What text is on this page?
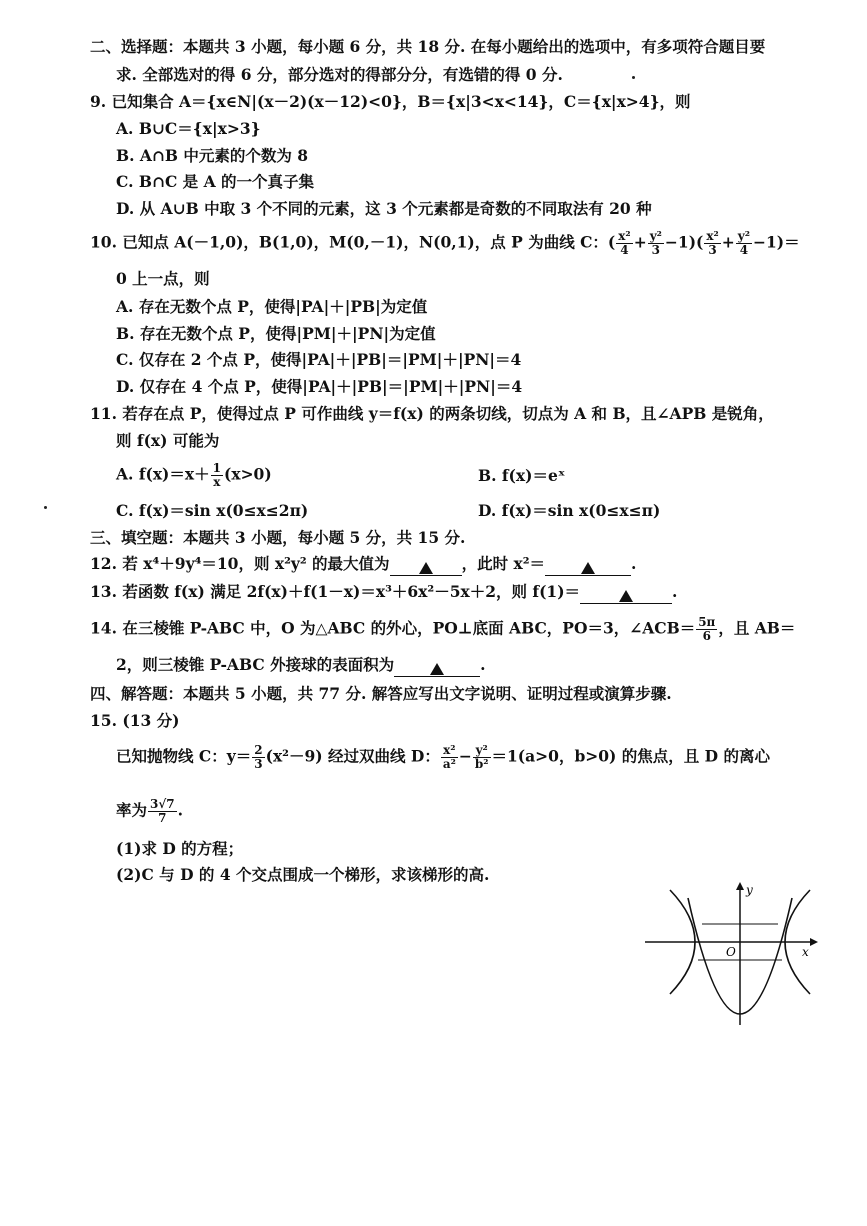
二、选择题：本题共 3 小题，每小题 6 分，共 18 分. 在每小题给出的选项中，有多项符合题目要
求. 全部选对的得 6 分，部分选对的得部分分，有选错的得 0 分.
9. 已知集合 A＝{x∈N|(x－2)(x－12)<0}，B＝{x|3<x<14}，C＝{x|x>4}，则
A. B∪C＝{x|x>3}
B. A∩B 中元素的个数为 8
C. B∩C 是 A 的一个真子集
D. 从 A∪B 中取 3 个不同的元素，这 3 个元素都是奇数的不同取法有 20 种
10. 已知点 A(－1,0)，B(1,0)，M(0,－1)，N(0,1)，点 P 为曲线 C：( $\frac{\text{x²}}{4} + \frac{\text{y²}}{3} -1)( \frac{\text{x²}}{3} + \frac{\text{y²}}{4} -1)=$
0 上一点，则
A. 存在无数个点 P，使得|PA|＋|PB|为定值
B. 存在无数个点 P，使得|PM|＋|PN|为定值
C. 仅存在 2 个点 P，使得|PA|＋|PB|＝|PM|＋|PN|＝4
D. 仅存在 4 个点 P，使得|PA|＋|PB|＝|PM|＋|PN|＝4
11. 若存在点 P，使得过点 P 可作曲线 y＝f(x) 的两条切线，切点为 A 和 B，且∠APB 是锐角，
则 f(x) 可能为
A. $f(x)=x+ \frac{1}{x} (x>0)$	B. f(x)＝eˣ
C. f(x)＝sin x(0≤x≤2π)	D. f(x)＝sin x(0≤x≤π)
三、填空题：本题共 3 小题，每小题 5 分，共 15 分.
12. 若 x⁴＋9y⁴＝10，则 x²y² 的最大值为	，此时 x²＝	.
13. 若函数 f(x) 满足 2f(x)＋f(1－x)＝x³＋6x²－5x＋2，则 f(1)＝	.
14. 在三棱锥 P-ABC 中，O 为△ABC 的外心，PO⊥底面 ABC，PO＝3，∠ACB＝ $\frac{5\pi}{6}$ ，且 AB＝
2，则三棱锥 P-ABC 外接球的表面积为	.
四、解答题：本题共 5 小题，共 77 分. 解答应写出文字说明、证明过程或演算步骤.
15. (13 分)
已知抛物线 C：$y= \frac{2}{3} (x^2-9)$ 经过双曲线 D： $\frac{\text{x²}}{\text{a²}} - \frac{\text{y²}}{\text{b²}} =1(a>0$，b>0) 的焦点，且 D 的离心
率为 $\frac{3√7}{7}$ .
(1)求 D 的方程；
(2)C 与 D 的 4 个交点围成一个梯形，求该梯形的高.
y
x
O
